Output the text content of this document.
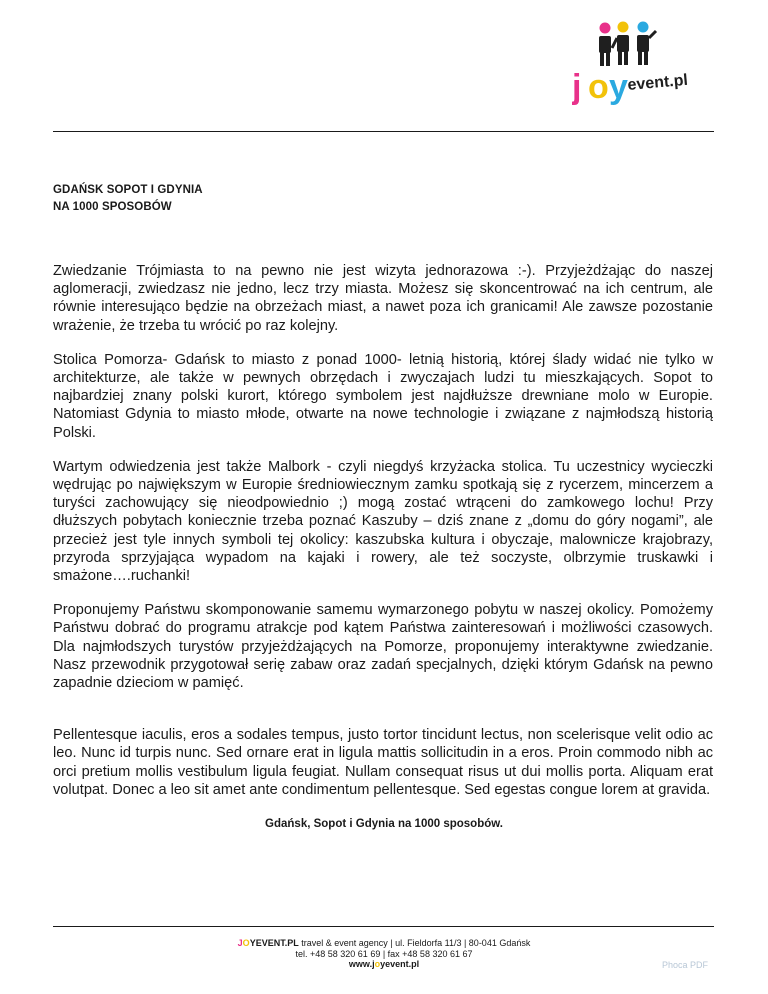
j o y
event.pl
GDAŃSK SOPOT I GDYNIA
NA 1000 SPOSOBÓW

Zwiedzanie Trójmiasta to na pewno nie jest wizyta jednorazowa :-). Przyjeżdżając do naszej aglomeracji, zwiedzasz nie jedno, lecz trzy miasta. Możesz się skoncentrować na ich centrum, ale równie interesująco będzie na obrzeżach miast, a nawet poza ich granicami! Ale zawsze pozostanie wrażenie, że trzeba tu wrócić po raz kolejny.

Stolica Pomorza- Gdańsk to miasto z ponad 1000- letnią historią, której ślady widać nie tylko w architekturze, ale także w pewnych obrzędach i zwyczajach ludzi tu mieszkających. Sopot to najbardziej znany polski kurort, którego symbolem jest najdłuższe drewniane molo w Europie. Natomiast Gdynia to miasto młode, otwarte na nowe technologie i związane z najmłodszą historią Polski.

Wartym odwiedzenia jest także Malbork - czyli niegdyś krzyżacka stolica. Tu uczestnicy wycieczki wędrując po największym w Europie średniowiecznym zamku spotkają się z rycerzem, mincerzem a turyści zachowujący się nieodpowiednio ;) mogą zostać wtrąceni do zamkowego lochu! Przy dłuższych pobytach koniecznie trzeba poznać Kaszuby – dziś znane z „domu do góry nogami”, ale przecież jest tyle innych symboli tej okolicy: kaszubska kultura i obyczaje, malownicze krajobrazy, przyroda sprzyjająca wypadom na kajaki i rowery, ale też soczyste, olbrzymie truskawki i smażone….ruchanki!

Proponujemy Państwu skomponowanie samemu wymarzonego pobytu w naszej okolicy. Pomożemy Państwu dobrać do programu atrakcje pod kątem Państwa zainteresowań i możliwości czasowych. Dla najmłodszych turystów przyjeżdżających na Pomorze, proponujemy interaktywne zwiedzanie. Nasz przewodnik przygotował serię zabaw oraz zadań specjalnych, dzięki którym Gdańsk na pewno zapadnie dzieciom w pamięć.

Pellentesque iaculis, eros a sodales tempus, justo tortor tincidunt lectus, non scelerisque velit odio ac leo. Nunc id turpis nunc. Sed ornare erat in ligula mattis sollicitudin in a eros. Proin commodo nibh ac orci pretium mollis vestibulum ligula feugiat. Nullam consequat risus ut dui mollis porta. Aliquam erat volutpat. Donec a leo sit amet ante condimentum pellentesque. Sed egestas congue lorem at gravida.

Gdańsk, Sopot i Gdynia na 1000 sposobów.
JOYEVENT.PL travel & event agency | ul. Fieldorfa 11/3 | 80-041 Gdańsk
tel. +48 58 320 61 69 | fax +48 58 320 61 67
www.joyevent.pl	Phoca PDF
